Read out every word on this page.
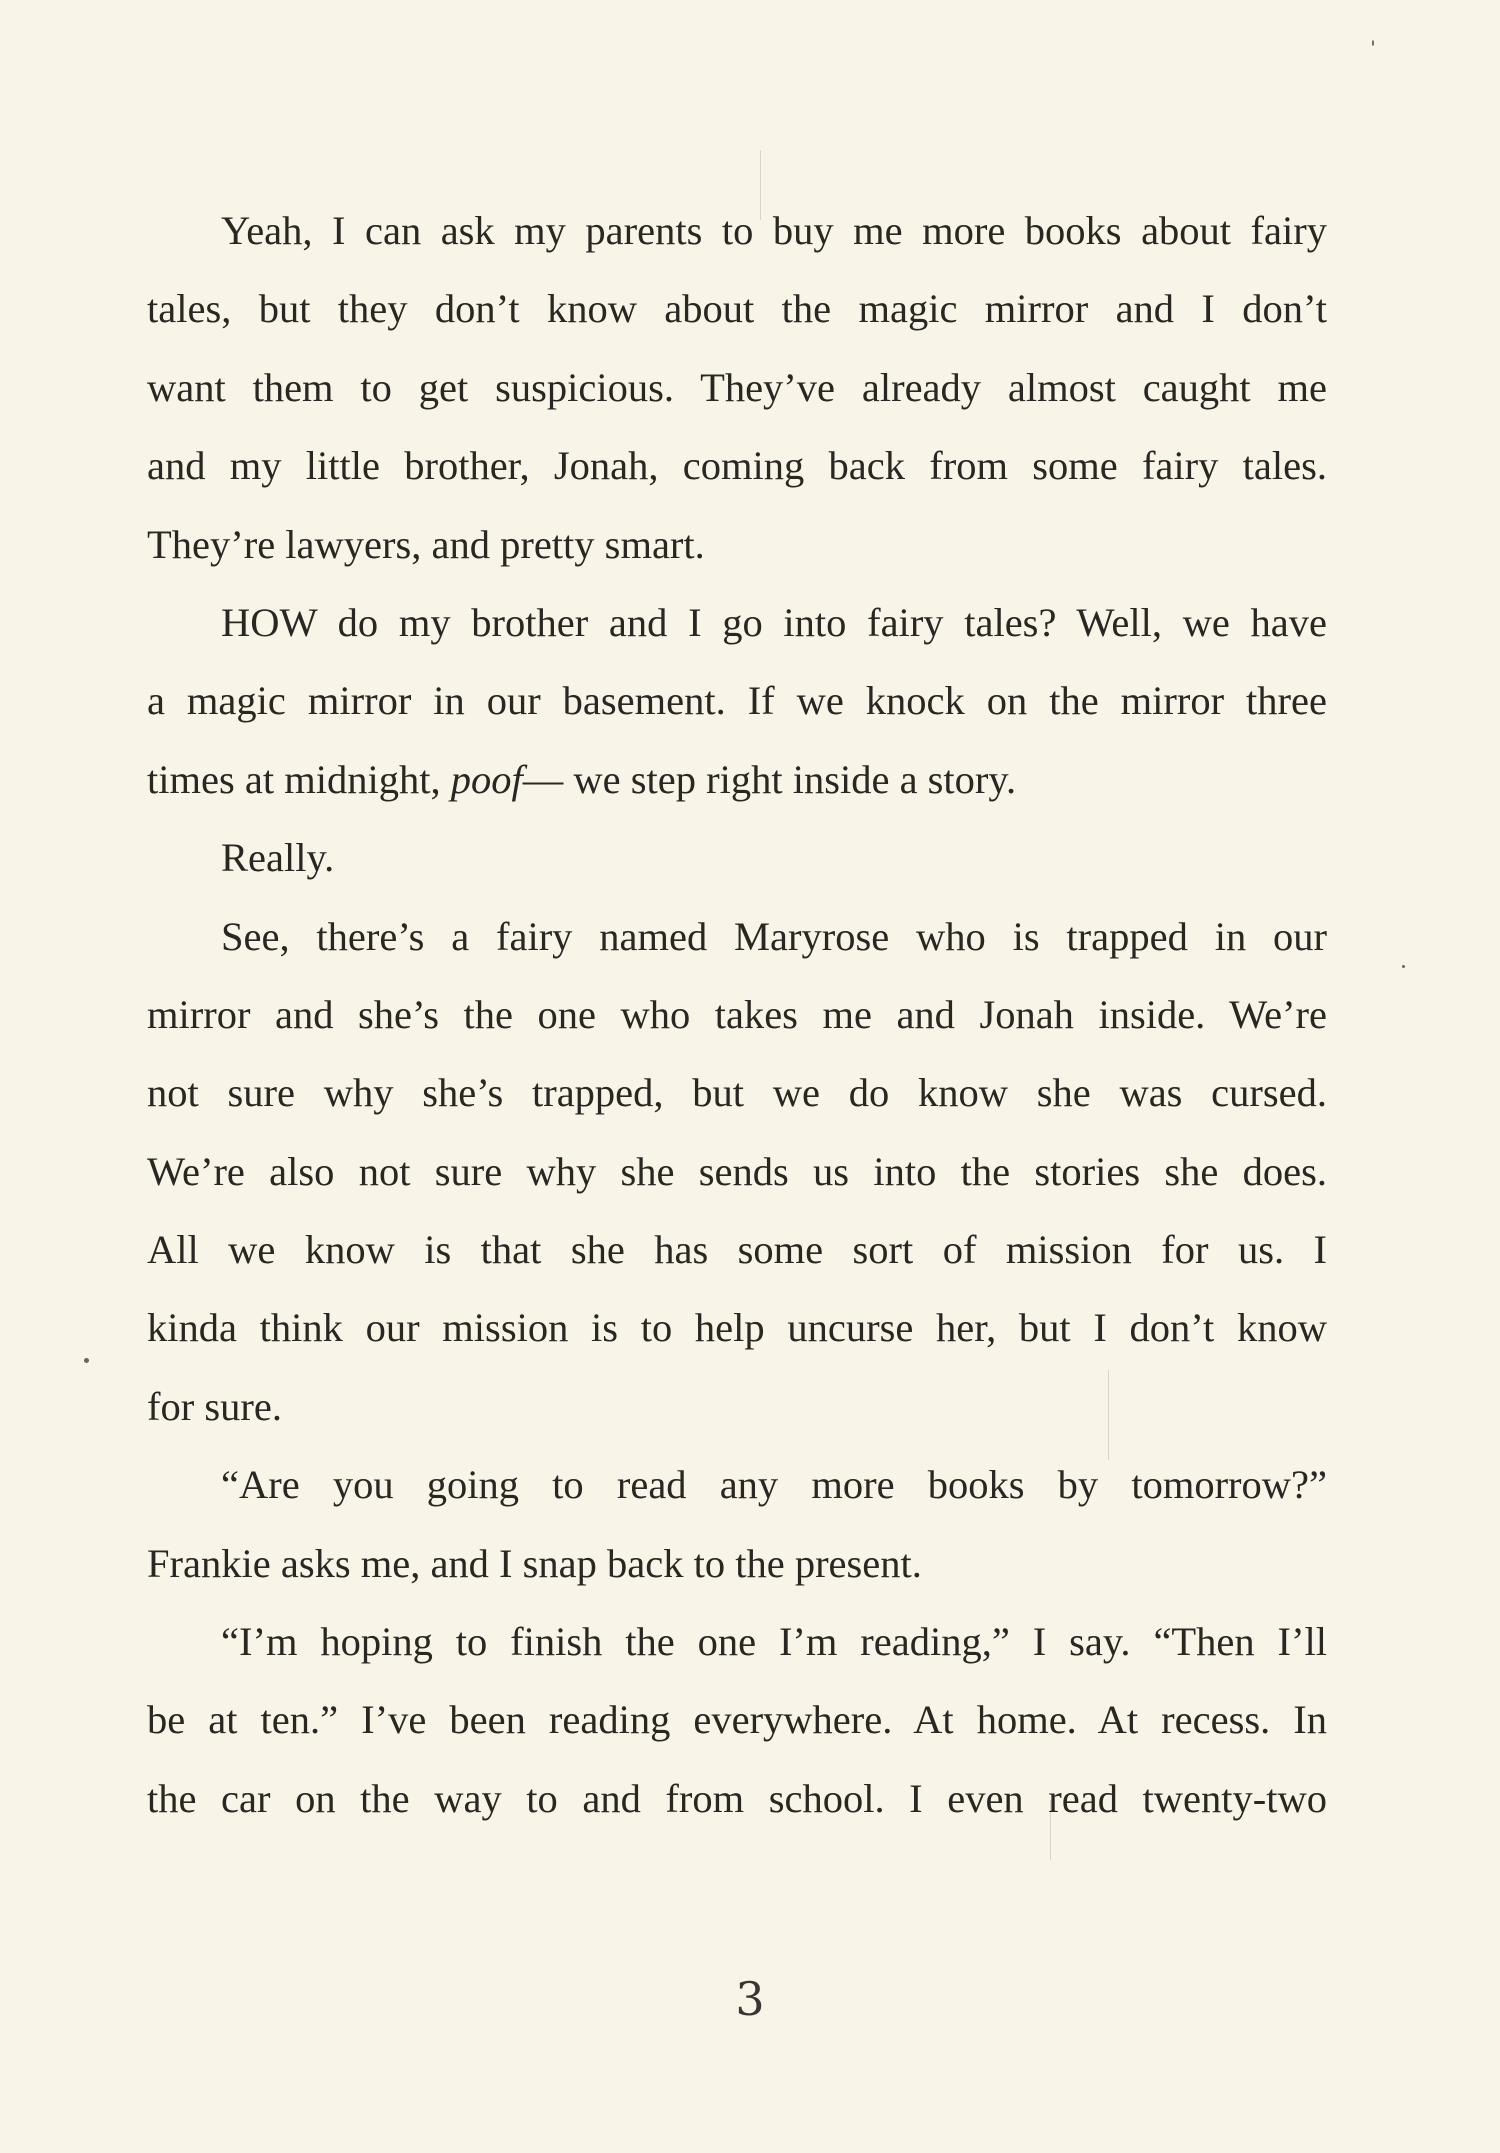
Yeah, I can ask my parents to buy me more books about fairy
tales, but they don’t know about the magic mirror and I don’t
want them to get suspicious. They’ve already almost caught me
and my little brother, Jonah, coming back from some fairy tales.
They’re lawyers, and pretty smart.
HOW do my brother and I go into fairy tales? Well, we have
a magic mirror in our basement. If we knock on the mirror three
times at midnight, poof— we step right inside a story.
Really.
See, there’s a fairy named Maryrose who is trapped in our
mirror and she’s the one who takes me and Jonah inside. We’re
not sure why she’s trapped, but we do know she was cursed.
We’re also not sure why she sends us into the stories she does.
All we know is that she has some sort of mission for us. I
kinda think our mission is to help uncurse her, but I don’t know
for sure.
“Are you going to read any more books by tomorrow?”
Frankie asks me, and I snap back to the present.
“I’m hoping to finish the one I’m reading,” I say. “Then I’ll
be at ten.” I’ve been reading everywhere. At home. At recess. In
the car on the way to and from school. I even read twenty-two
3
